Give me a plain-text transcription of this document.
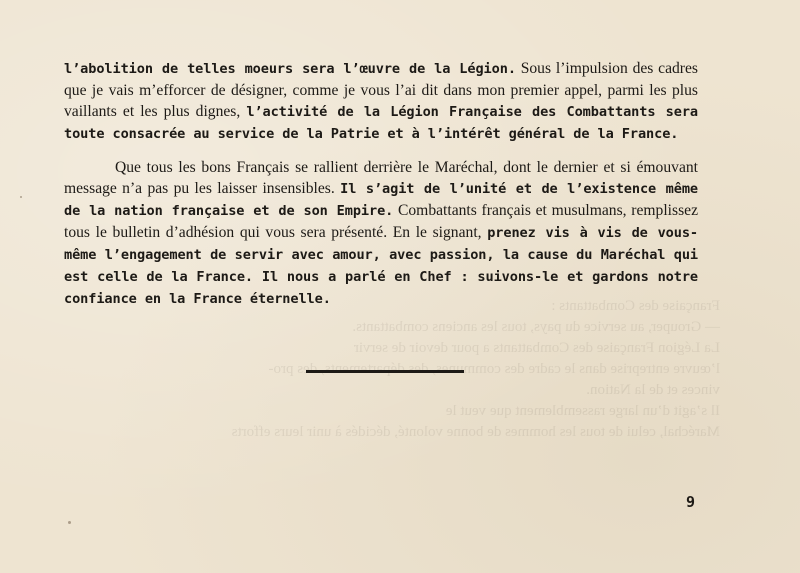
Française des Combattants :
— Grouper, au service du pays, tous les anciens combattants.
La Légion Française des Combattants a pour devoir de servir
l’œuvre entreprise dans le cadre des communes, des départements, des pro-
vinces et de la Nation.
Il s’agit d’un large rassemblement que veut le
Maréchal, celui de tous les hommes de bonne volonté, décidés à unir leurs efforts

l’abolition de telles moeurs sera l’œuvre de la Légion. Sous l’impulsion des cadres que je vais m’efforcer de désigner, comme je vous l’ai dit dans mon premier appel, parmi les plus vaillants et les plus dignes, l’activité de la Légion Française des Combattants sera toute consacrée au service de la Patrie et à l’intérêt général de la France.

Que tous les bons Français se rallient derrière le Maréchal, dont le dernier et si émouvant message n’a pas pu les laisser insensibles. Il s’agit de l’unité et de l’existence même de la nation française et de son Empire. Combattants français et musulmans, remplissez tous le bulletin d’adhésion qui vous sera présenté. En le signant, prenez vis à vis de vous-même l’engagement de servir avec amour, avec passion, la cause du Maréchal qui est celle de la France. Il nous a parlé en Chef : suivons-le et gardons notre confiance en la France éternelle.

9
